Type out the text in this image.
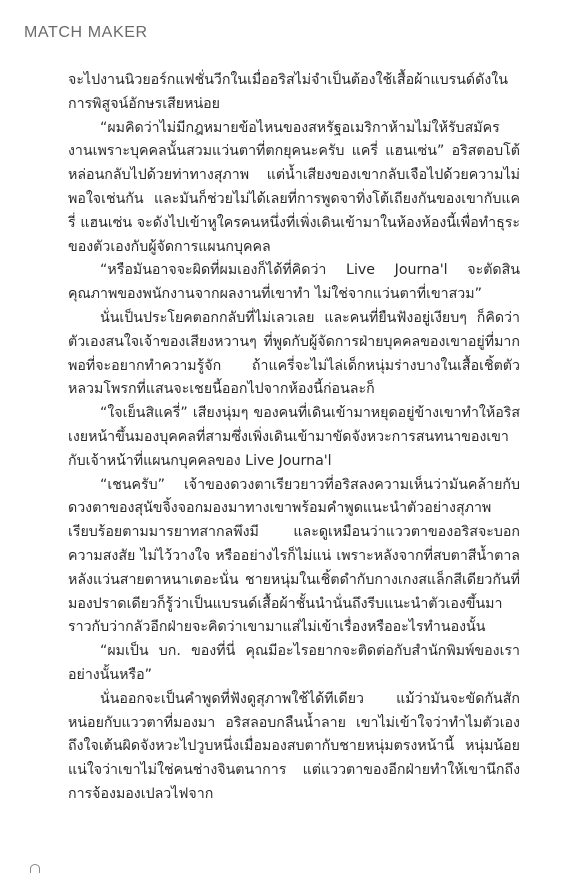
MATCH MAKER

จะไปงานนิวยอร์กแฟชั่นวีกในเมื่ออริสไม่จำเป็นต้องใช้เสื้อผ้าแบรนด์ดังในการพิสูจน์อักษรเสียหน่อย

“ผมคิดว่าไม่มีกฎหมายข้อไหนของสหรัฐอเมริกาห้ามไม่ให้รับสมัครงานเพราะบุคคลนั้นสวมแว่นตาที่ตกยุคนะครับ แครี่ แฮนเซ่น” อริสตอบโต้หล่อนกลับไปด้วยท่าทางสุภาพ แต่น้ำเสียงของเขากลับเจือไปด้วยความไม่พอใจเช่นกัน และมันก็ช่วยไม่ได้เลยที่การพูดจาทิ่งโต้เถียงกันของเขากับแครี่ แฮนเซ่น จะดังไปเข้าหูใครคนหนึ่งที่เพิ่งเดินเข้ามาในห้องห้องนี้เพื่อทำธุระของตัวเองกับผู้จัดการแผนกบุคคล

“หรือมันอาจจะผิดที่ผมเองก็ได้ที่คิดว่า Live Journa'l จะตัดสินคุณภาพของพนักงานจากผลงานที่เขาทำ ไม่ใช่จากแว่นตาที่เขาสวม”

นั่นเป็นประโยคตอกกลับที่ไม่เลวเลย และคนที่ยืนฟังอยู่เงียบๆ ก็คิดว่าตัวเองสนใจเจ้าของเสียงหวานๆ ที่พูดกับผู้จัดการฝ่ายบุคคลของเขาอยู่ที่มากพอที่จะอยากทำความรู้จัก ถ้าแครี่จะไม่ไล่เด็กหนุ่มร่างบางในเสื้อเชิ้ตตัวหลวมโพรกที่แสนจะเชยนี้ออกไปจากห้องนี้ก่อนละก็

“ใจเย็นสิแครี่” เสียงนุ่มๆ ของคนที่เดินเข้ามาหยุดอยู่ข้างเขาทำให้อริสเงยหน้าขึ้นมองบุคคลที่สามซึ่งเพิ่งเดินเข้ามาขัดจังหวะการสนทนาของเขากับเจ้าหน้าที่แผนกบุคคลของ Live Journa'l

“เชนครับ” เจ้าของดวงตาเรียวยาวที่อริสลงความเห็นว่ามันคล้ายกับดวงตาของสุนัขจิ้งจอกมองมาทางเขาพร้อมคำพูดแนะนำตัวอย่างสุภาพเรียบร้อยตามมารยาทสากลพึงมี และดูเหมือนว่าแววตาของอริสจะบอกความสงสัย ไม่ไว้วางใจ หรืออย่างไรก็ไม่แน่ เพราะหลังจากที่สบตาสีน้ำตาลหลังแว่นสายตาหนาเตอะนั่น ชายหนุ่มในเชิ้ตดำกับกางเกงสแล็กสีเดียวกันที่มองปราดเดียวก็รู้ว่าเป็นแบรนด์เสื้อผ้าชั้นนำนั่นถึงรีบแนะนำตัวเองขึ้นมาราวกับว่ากลัวอีกฝ่ายจะคิดว่าเขามาแส่ไม่เข้าเรื่องหรืออะไรทำนองนั้น

“ผมเป็น บก. ของที่นี่ คุณมีอะไรอยากจะติดต่อกับสำนักพิมพ์ของเราอย่างนั้นหรือ”

นั่นออกจะเป็นคำพูดที่ฟังดูสุภาพใช้ได้ทีเดียว แม้ว่ามันจะขัดกันสักหน่อยกับแววตาที่มองมา อริสลอบกลืนน้ำลาย เขาไม่เข้าใจว่าทำไมตัวเองถึงใจเต้นผิดจังหวะไปวูบหนึ่งเมื่อมองสบตากับชายหนุ่มตรงหน้านี้ หนุ่มน้อยแน่ใจว่าเขาไม่ใช่คนช่างจินตนาการ แต่แววตาของอีกฝ่ายทำให้เขานึกถึงการจ้องมองเปลวไฟจาก
